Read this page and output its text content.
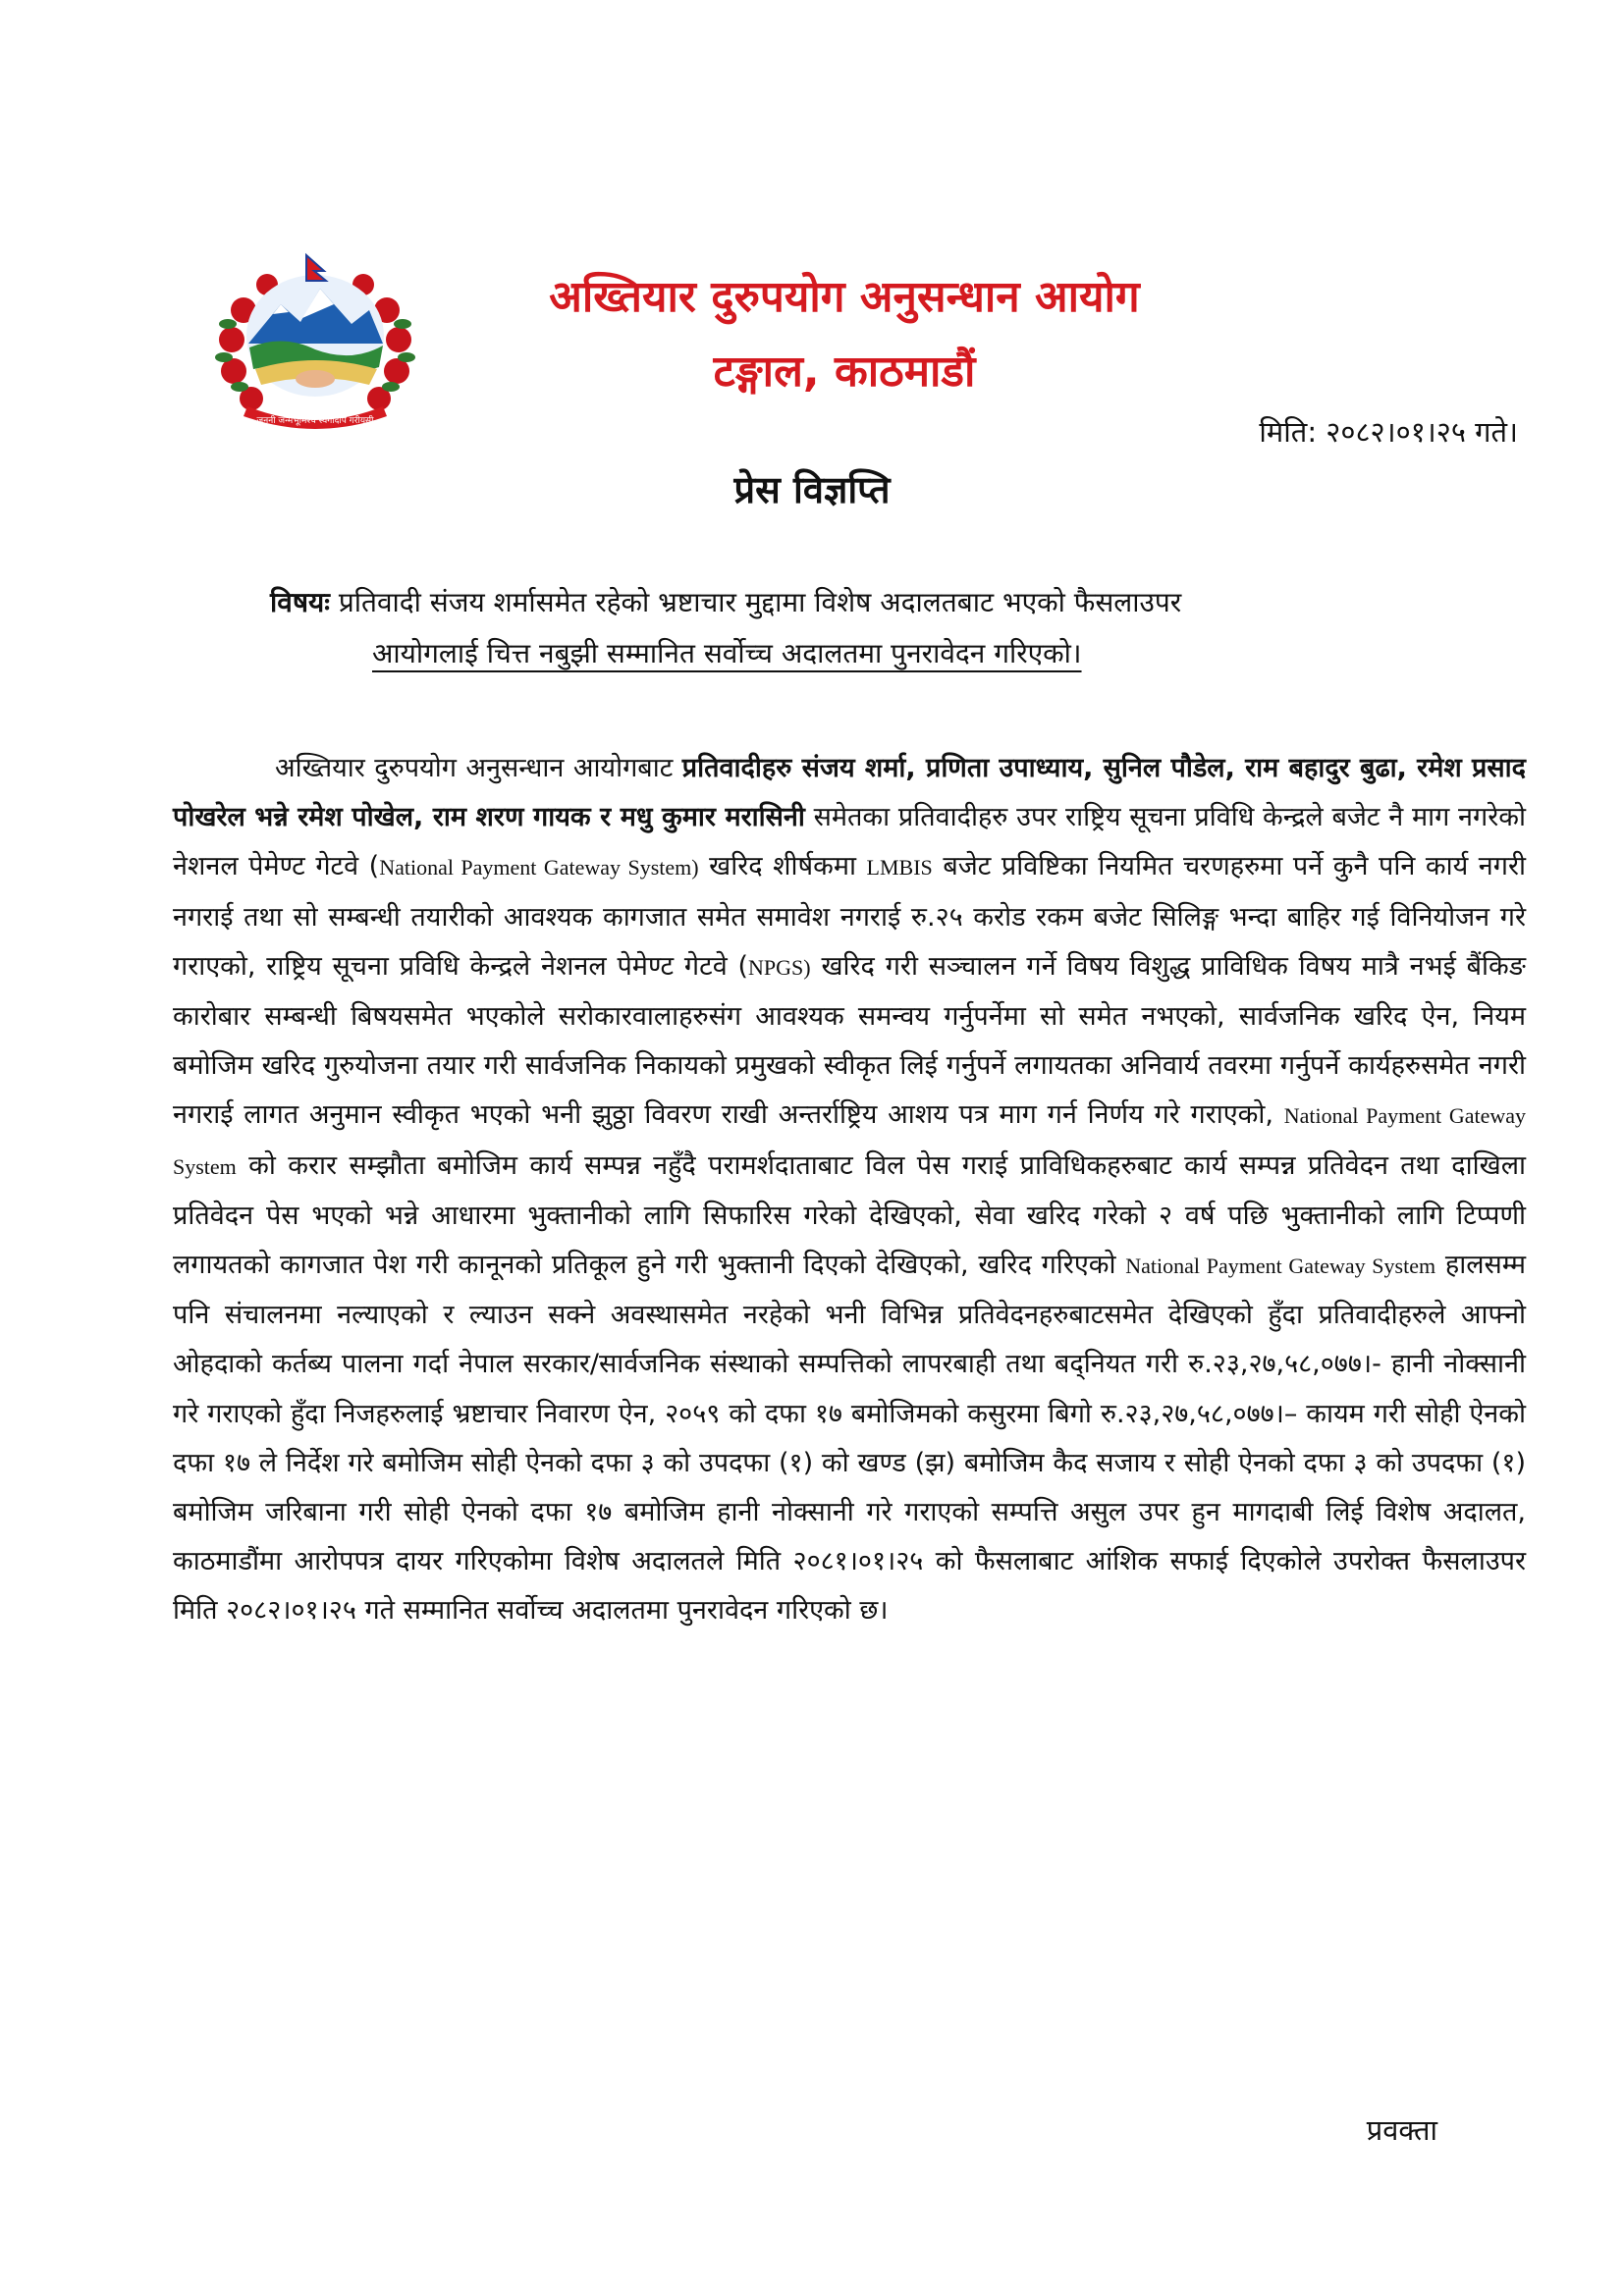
जननी जन्मभूमिश्च स्वर्गादपि गरीयसी
अख्तियार दुरुपयोग अनुसन्धान आयोग
टङ्गाल, काठमाडौं
मिति: २०८२।०१।२५ गते।
प्रेस विज्ञप्ति
विषयः प्रतिवादी संजय शर्मासमेत रहेको भ्रष्टाचार मुद्दामा विशेष अदालतबाट भएको फैसलाउपर
आयोगलाई चित्त नबुझी सम्मानित सर्वोच्च अदालतमा पुनरावेदन गरिएको।
अख्तियार दुरुपयोग अनुसन्धान आयोगबाट प्रतिवादीहरु संजय शर्मा, प्रणिता उपाध्याय, सुनिल पौडेल, राम बहादुर बुढा, रमेश प्रसाद पोखरेल भन्ने रमेश पोखेल, राम शरण गायक र मधु कुमार मरासिनी समेतका प्रतिवादीहरु उपर राष्ट्रिय सूचना प्रविधि केन्द्रले बजेट नै माग नगरेको नेशनल पेमेण्ट गेटवे (National Payment Gateway System) खरिद शीर्षकमा LMBIS बजेट प्रविष्टिका नियमित चरणहरुमा पर्ने कुनै पनि कार्य नगरी नगराई तथा सो सम्बन्धी तयारीको आवश्यक कागजात समेत समावेश नगराई रु.२५ करोड रकम बजेट सिलिङ्ग भन्दा बाहिर गई विनियोजन गरे गराएको, राष्ट्रिय सूचना प्रविधि केन्द्रले नेशनल पेमेण्ट गेटवे (NPGS) खरिद गरी सञ्चालन गर्ने विषय विशुद्ध प्राविधिक विषय मात्रै नभई बैंकिङ कारोबार सम्बन्धी बिषयसमेत भएकोले सरोकारवालाहरुसंग आवश्यक समन्वय गर्नुपर्नेमा सो समेत नभएको, सार्वजनिक खरिद ऐन, नियम बमोजिम खरिद गुरुयोजना तयार गरी सार्वजनिक निकायको प्रमुखको स्वीकृत लिई गर्नुपर्ने लगायतका अनिवार्य तवरमा गर्नुपर्ने कार्यहरुसमेत नगरी नगराई लागत अनुमान स्वीकृत भएको भनी झुठ्ठा विवरण राखी अन्तर्राष्ट्रिय आशय पत्र माग गर्न निर्णय गरे गराएको, National Payment Gateway System को करार सम्झौता बमोजिम कार्य सम्पन्न नहुँदै परामर्शदाताबाट विल पेस गराई प्राविधिकहरुबाट कार्य सम्पन्न प्रतिवेदन तथा दाखिला प्रतिवेदन पेस भएको भन्ने आधारमा भुक्तानीको लागि सिफारिस गरेको देखिएको, सेवा खरिद गरेको २ वर्ष पछि भुक्तानीको लागि टिप्पणी लगायतको कागजात पेश गरी कानूनको प्रतिकूल हुने गरी भुक्तानी दिएको देखिएको, खरिद गरिएको National Payment Gateway System हालसम्म पनि संचालनमा नल्याएको र ल्याउन सक्ने अवस्थासमेत नरहेको भनी विभिन्न प्रतिवेदनहरुबाटसमेत देखिएको हुँदा प्रतिवादीहरुले आफ्नो ओहदाको कर्तब्य पालना गर्दा नेपाल सरकार/सार्वजनिक संस्थाको सम्पत्तिको लापरबाही तथा बद्नियत गरी रु.२३,२७,५८,०७७।- हानी नोक्सानी गरे गराएको हुँदा निजहरुलाई भ्रष्टाचार निवारण ऐन, २०५९ को दफा १७ बमोजिमको कसुरमा बिगो रु.२३,२७,५८,०७७।– कायम गरी सोही ऐनको दफा १७ ले निर्देश गरे बमोजिम सोही ऐनको दफा ३ को उपदफा (१) को खण्ड (झ) बमोजिम कैद सजाय र सोही ऐनको दफा ३ को उपदफा (१) बमोजिम जरिबाना गरी सोही ऐनको दफा १७ बमोजिम हानी नोक्सानी गरे गराएको सम्पत्ति असुल उपर हुन मागदाबी लिई विशेष अदालत, काठमाडौंमा आरोपपत्र दायर गरिएकोमा विशेष अदालतले मिति २०८१।०१।२५ को फैसलाबाट आंशिक सफाई दिएकोले उपरोक्त फैसलाउपर मिति २०८२।०१।२५ गते सम्मानित सर्वोच्च अदालतमा पुनरावेदन गरिएको छ।
प्रवक्ता
